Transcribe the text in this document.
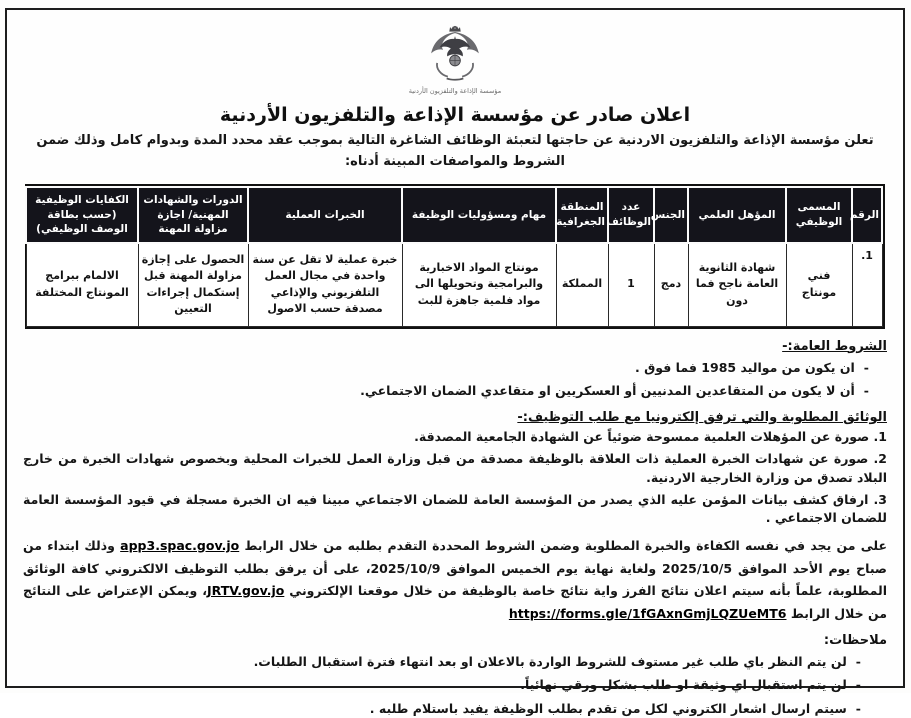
مؤسسة الإذاعة والتلفزيون الأردنية
اعلان صادر عن مؤسسة الإذاعة والتلفزيون الأردنية
تعلن مؤسسة الإذاعة والتلفزيون الاردنية عن حاجتها لتعبئة الوظائف الشاغرة التالية بموجب عقد محدد المدة وبدوام كامل وذلك ضمن الشروط والمواصفات المبينة أدناه:
الرقم	المسمى الوظيفي	المؤهل العلمي	الجنس	عدد الوظائف	المنطقة الجغرافية	مهام ومسؤوليات الوظيفة	الخبرات العملية	الدورات والشهادات المهنية/ اجازة مزاولة المهنة	الكفايات الوظيفية (حسب بطاقة الوصف الوظيفي)
1.	فني مونتاج	شهادة الثانوية العامة ناجح فما دون	دمج	1	المملكة	مونتاج المواد الاخبارية والبرامجية وتحويلها الى مواد فلمية جاهزة للبث	خبرة عملية لا تقل عن سنة واحدة في مجال العمل التلفزيوني والإذاعي مصدقة حسب الاصول	الحصول على إجازة مزاولة المهنة قبل إستكمال إجراءات التعيين	الالمام ببرامج المونتاج المختلفة
الشروط العامة:-
- ان يكون من مواليد 1985 فما فوق .
- أن لا يكون من المتقاعدين المدنيين أو العسكريين او متقاعدي الضمان الاجتماعي.
الوثائق المطلوبة والتي ترفق إلكترونيا مع طلب التوظيف:-
1. صورة عن المؤهلات العلمية ممسوحة ضوئياً عن الشهادة الجامعية المصدقة.
2. صورة عن شهادات الخبرة العملية ذات العلاقة بالوظيفة مصدقة من قبل وزارة العمل للخبرات المحلية وبخصوص شهادات الخبرة من خارج البلاد تصدق من وزارة الخارجية الاردنية.
3. ارفاق كشف بيانات المؤمن عليه الذي يصدر من المؤسسة العامة للضمان الاجتماعي مبينا فيه ان الخبرة مسجلة في قيود المؤسسة العامة للضمان الاجتماعي .
على من يجد في نفسه الكفاءة والخبرة المطلوبة وضمن الشروط المحددة التقدم بطلبه من خلال الرابط app3.spac.gov.jo وذلك ابتداء من صباح يوم الأحد الموافق 2025/10/5 ولغاية نهاية يوم الخميس الموافق 2025/10/9، على أن يرفق بطلب التوظيف الالكتروني كافة الوثائق المطلوبة، علماً بأنه سيتم اعلان نتائج الفرز واية نتائج خاصة بالوظيفة من خلال موقعنا الإلكتروني JRTV.gov.jo، ويمكن الإعتراض على النتائج من خلال الرابط https://forms.gle/1fGAxnGmjLQZUeMT6
ملاحظات:
- لن يتم النظر باي طلب غير مستوف للشروط الواردة بالاعلان او بعد انتهاء فترة استقبال الطلبات.
- لن يتم استقبال اي وثيقة او طلب بشكل ورقي نهائياً.
- سيتم ارسال اشعار الكتروني لكل من تقدم بطلب الوظيفة يفيد باستلام طلبه .
